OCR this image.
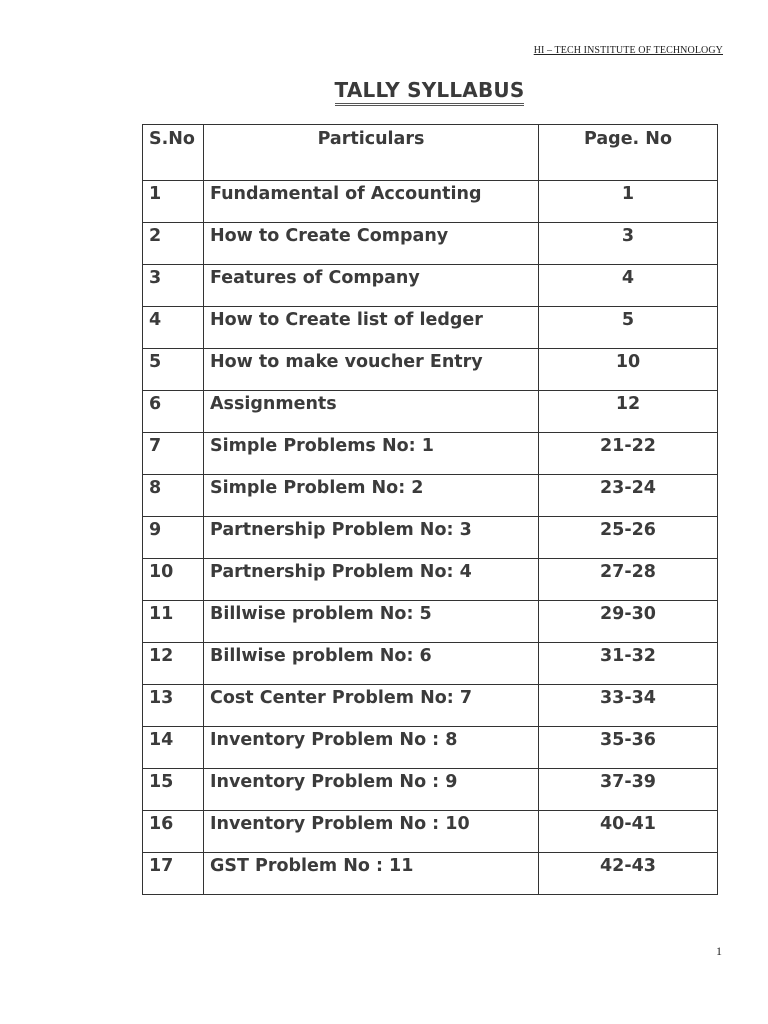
HI – TECH INSTITUTE OF TECHNOLOGY
TALLY SYLLABUS
S.No	Particulars	Page. No
1	Fundamental of Accounting	1
2	How to Create Company	3
3	Features of Company	4
4	How to Create list of ledger	5
5	How to make voucher Entry	10
6	Assignments	12
7	Simple Problems No: 1	21-22
8	Simple Problem No: 2	23-24
9	Partnership Problem No: 3	25-26
10	Partnership Problem No: 4	27-28
11	Billwise problem No: 5	29-30
12	Billwise problem No: 6	31-32
13	Cost Center Problem No: 7	33-34
14	Inventory Problem No : 8	35-36
15	Inventory Problem No : 9	37-39
16	Inventory Problem No : 10	40-41
17	GST Problem No : 11	42-43
1
